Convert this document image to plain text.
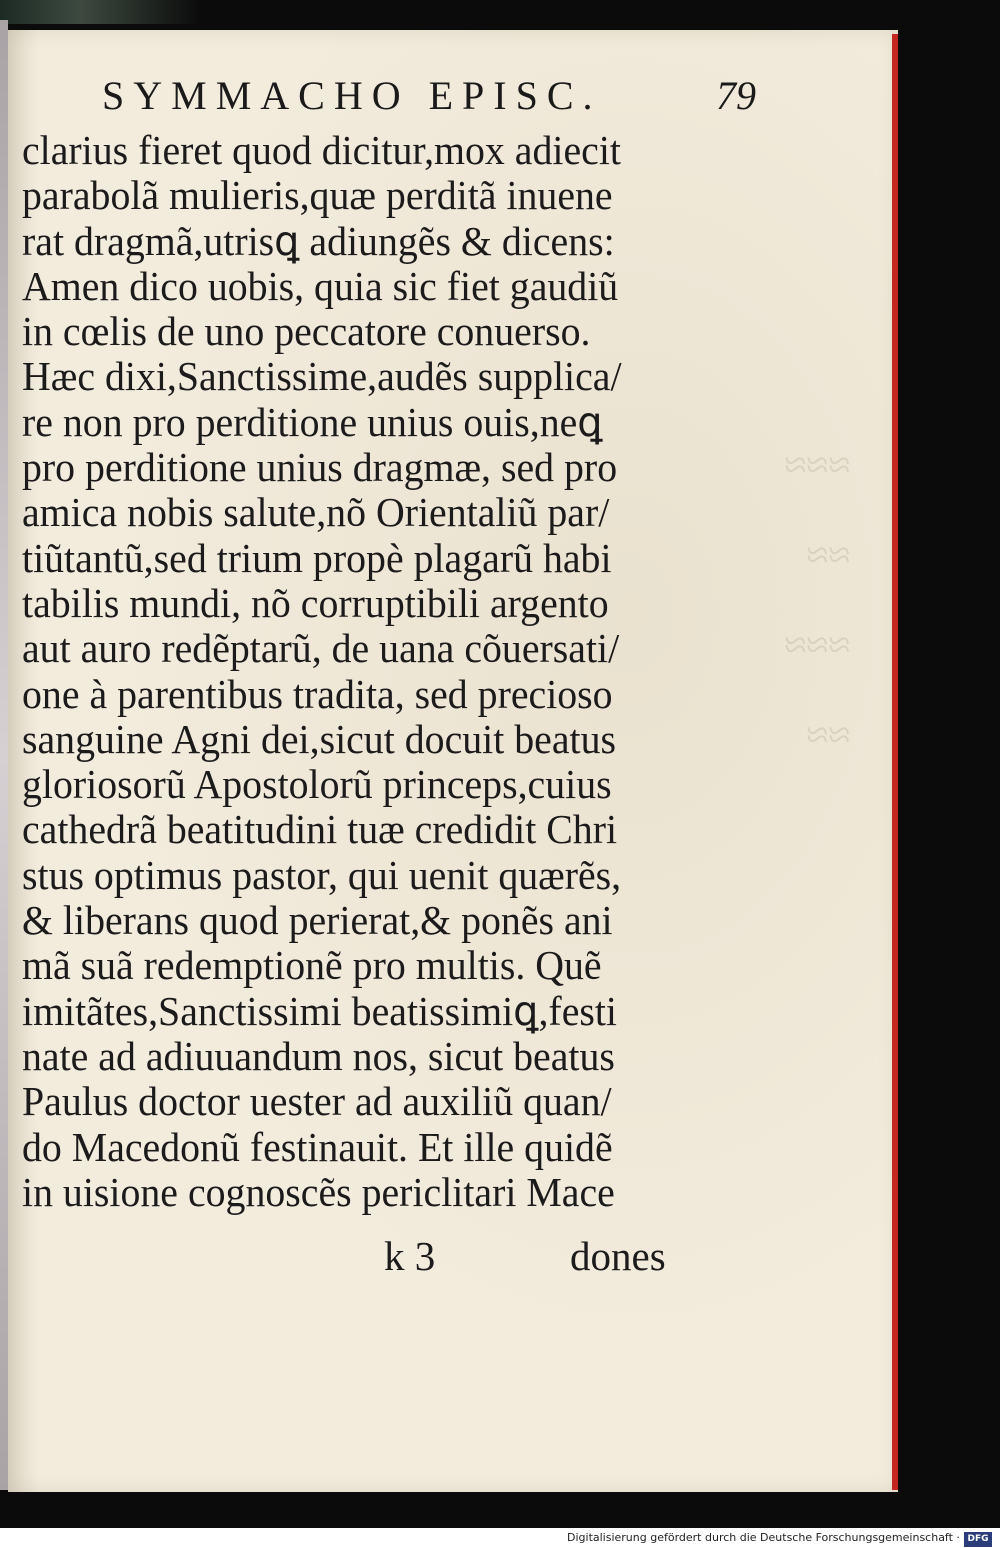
≈≈≈
≈≈
≈≈≈
≈≈
SYMMACHO EPISC.	79
clarius fieret quod dicitur,mox adiecit
parabolã mulieris,quæ perditã inuene
rat dragmã,utrisꝗ adiungẽs & dicens:
Amen dico uobis, quia sic fiet gaudiũ
in cœlis de uno peccatore conuerso.
Hæc dixi,Sanctissime,audẽs supplica/
re non pro perditione unius ouis,neꝗ
pro perditione unius dragmæ, sed pro
amica nobis salute,nõ Orientaliũ par/
tiũtantũ,sed trium propè plagarũ habi
tabilis mundi, nõ corruptibili argento
aut auro redẽptarũ, de uana cõuersati/
one à parentibus tradita, sed precioso
sanguine Agni dei,sicut docuit beatus
gloriosorũ Apostolorũ princeps,cuius
cathedrã beatitudini tuæ credidit Chri
stus optimus pastor, qui uenit quærẽs,
& liberans quod perierat,& ponẽs ani
mã suã redemptionẽ pro multis. Quẽ
imitãtes,Sanctissimi beatissimiꝗ,festi
nate ad adiuuandum nos, sicut beatus
Paulus doctor uester ad auxiliũ quan/
do Macedonũ festinauit. Et ille quidẽ
in uisione cognoscẽs periclitari Mace
k 3	dones
Digitalisierung gefördert durch die Deutsche Forschungsgemeinschaft · DFG
